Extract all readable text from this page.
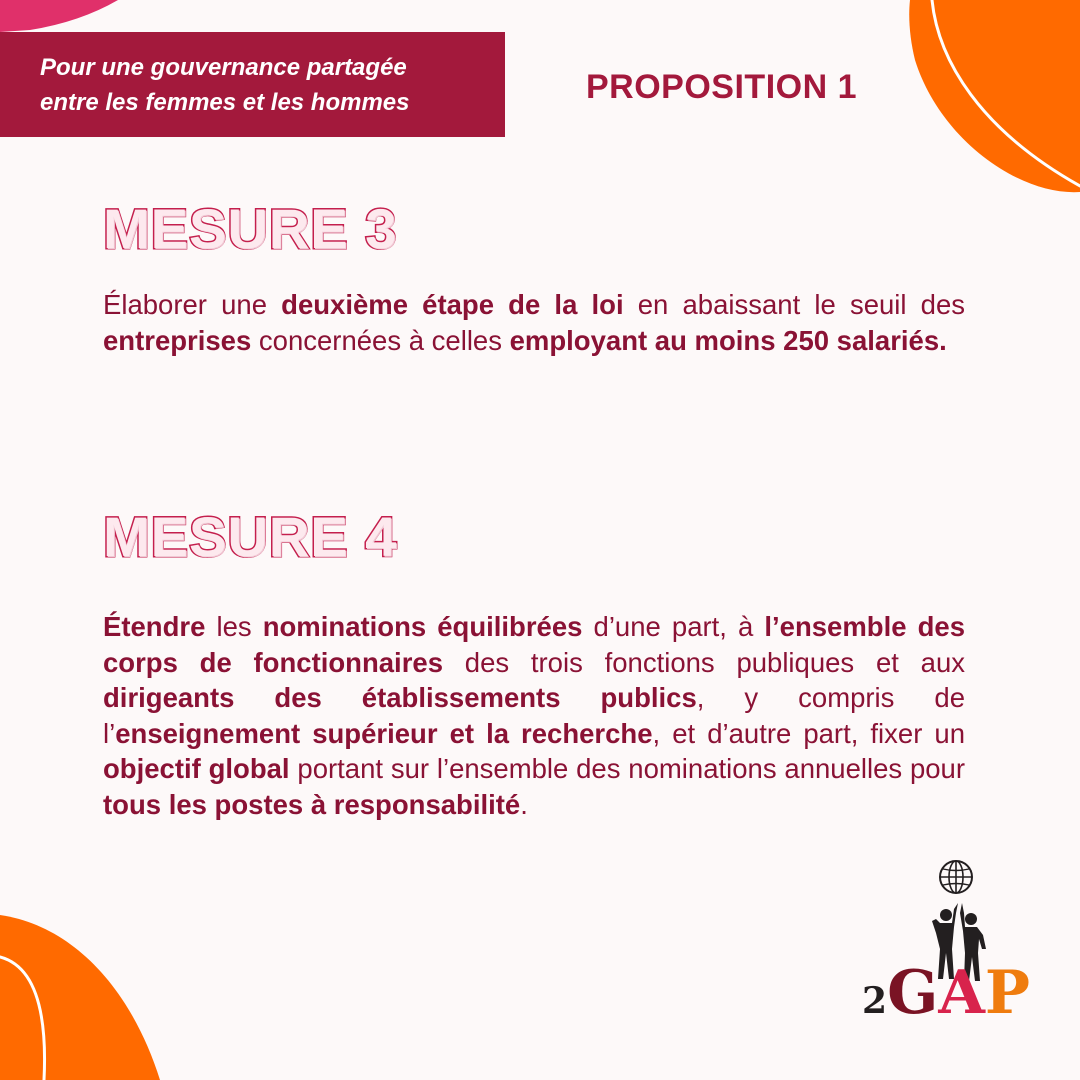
Pour une gouvernance partagée
entre les femmes et les hommes	PROPOSITION 1
MESURE 3
Élaborer une deuxième étape de la loi en abaissant le seuil des entreprises concernées à celles employant au moins 250 salariés.
MESURE 4
Étendre les nominations équilibrées d’une part, à l’ensemble des corps de fonctionnaires des trois fonctions publiques et aux dirigeants des établissements publics, y compris de l’enseignement supérieur et la recherche, et d’autre part, fixer un objectif global portant sur l’ensemble des nominations annuelles pour tous les postes à responsabilité.
2GAP
